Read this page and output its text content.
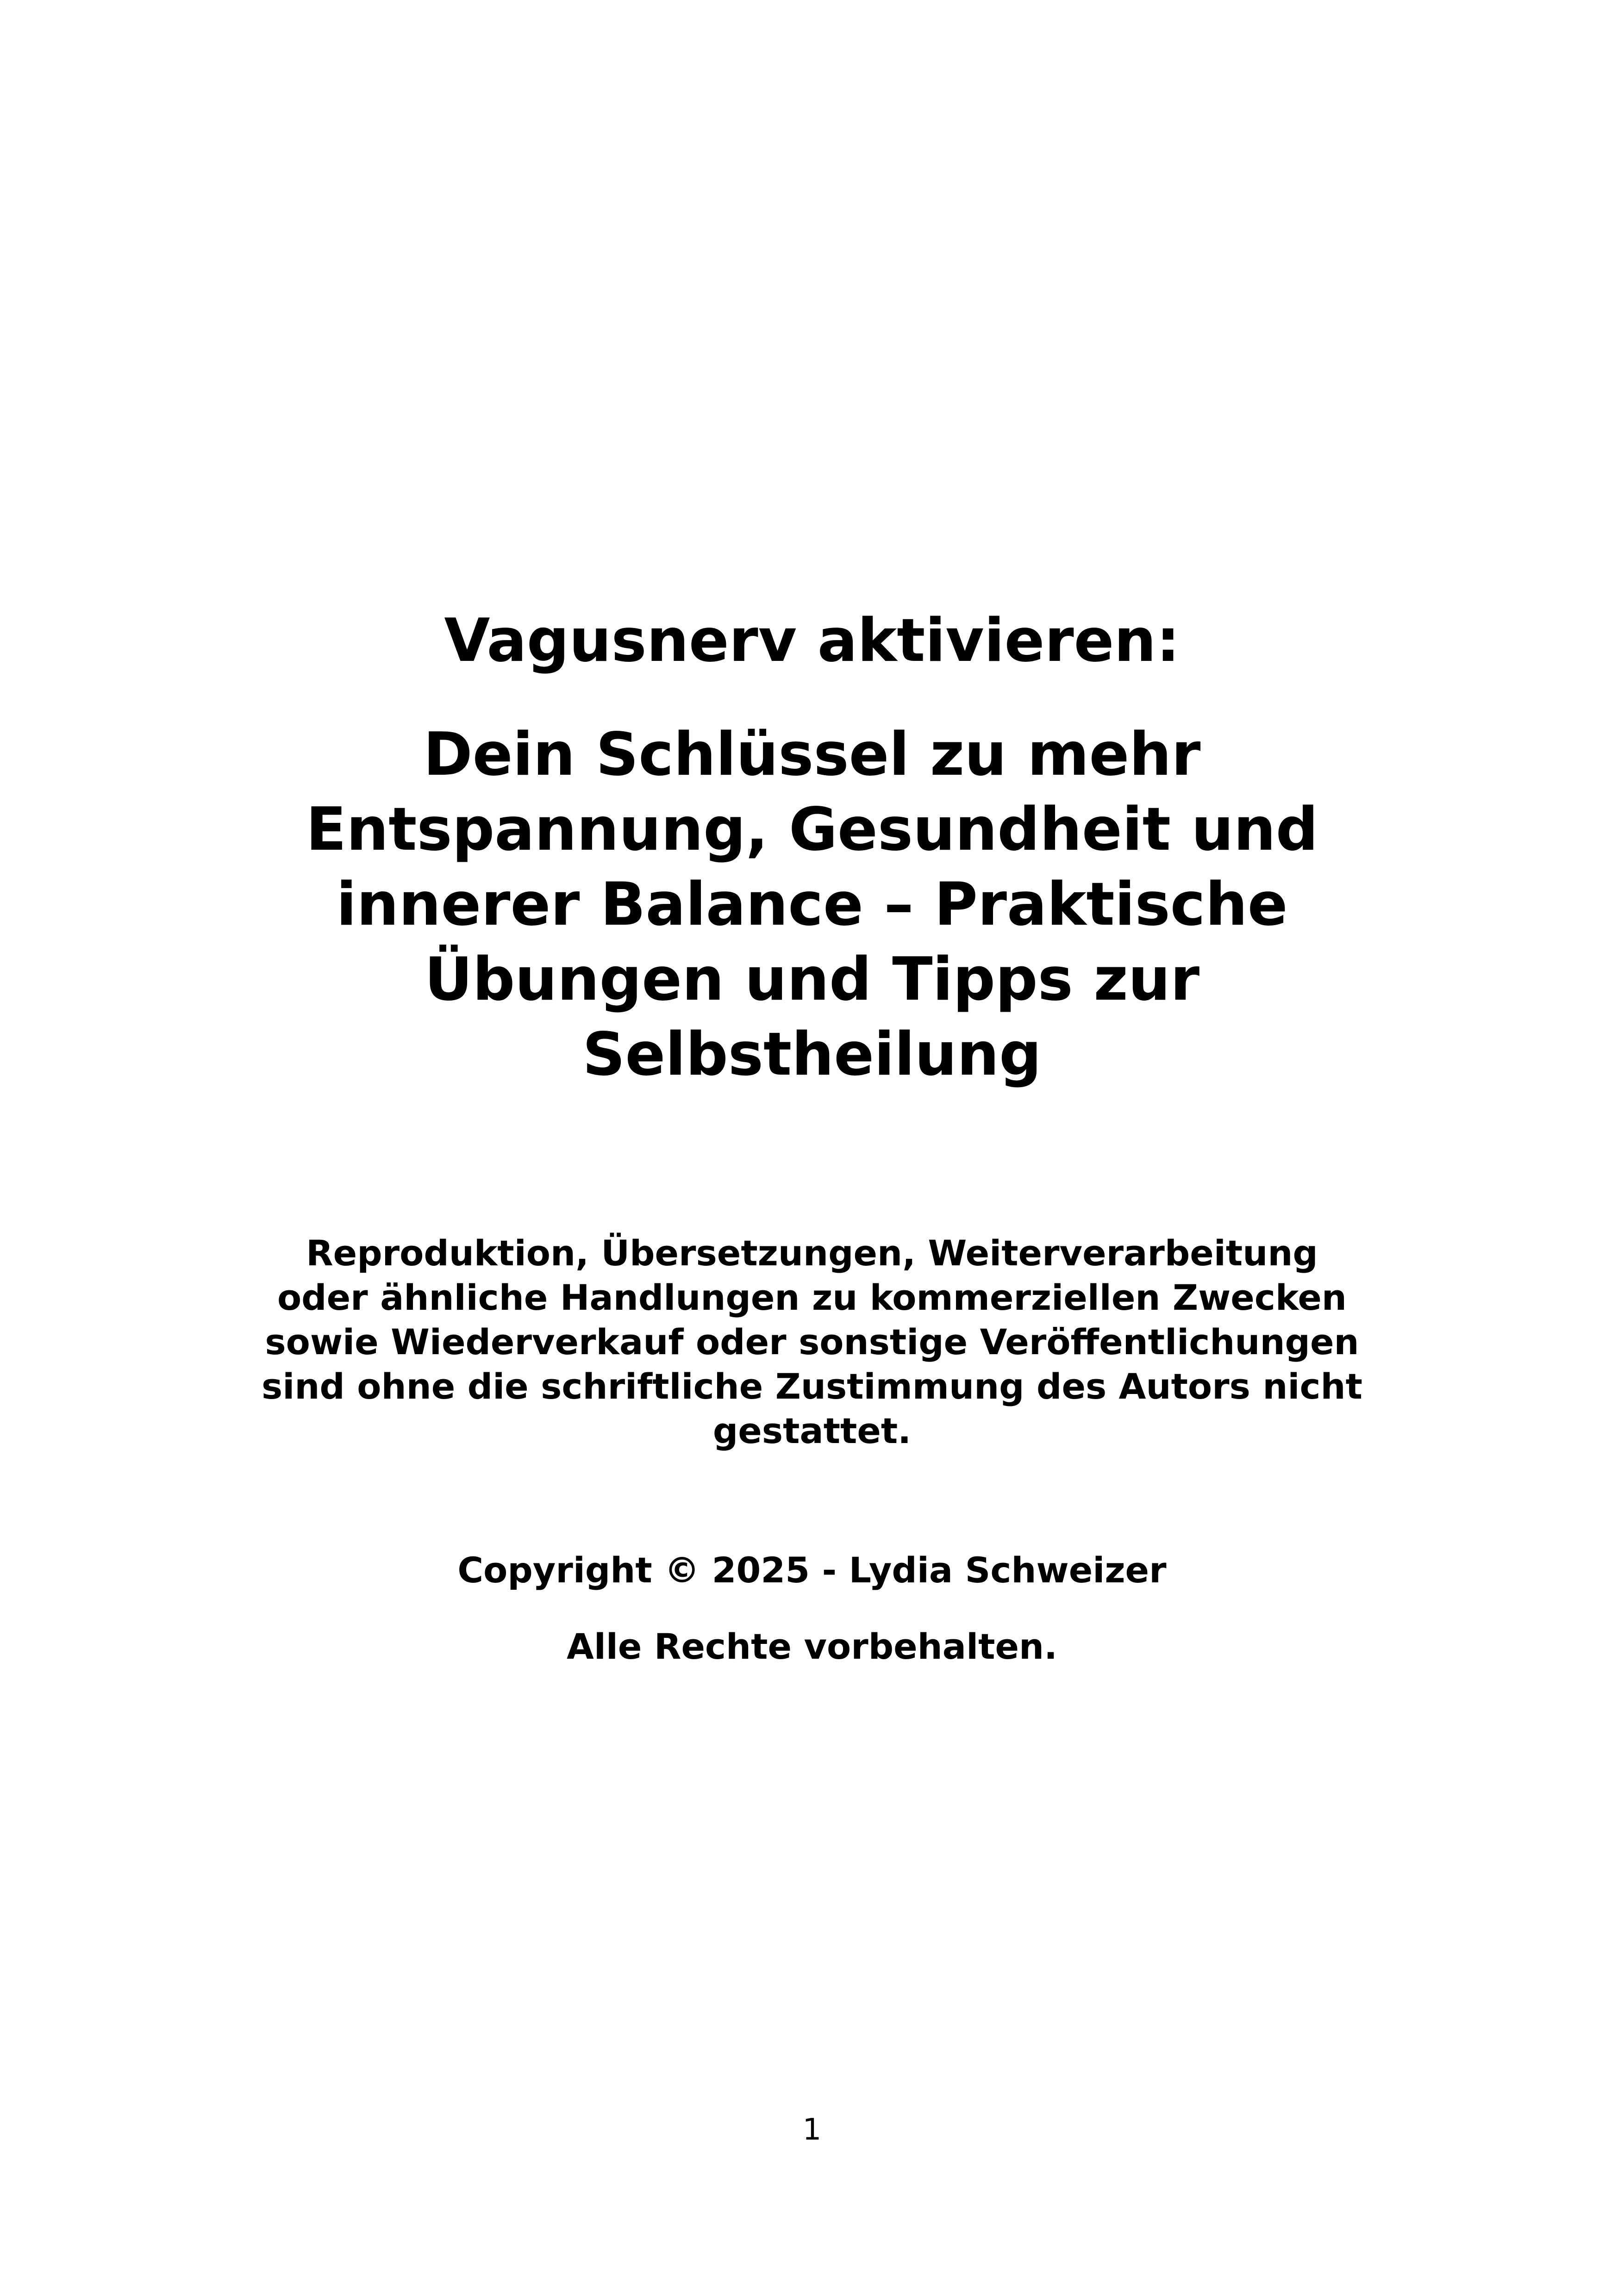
Vagusnerv aktivieren:
Dein Schlüssel zu mehr Entspannung, Gesundheit und innerer Balance – Praktische Übungen und Tipps zur Selbstheilung

Reproduktion, Übersetzungen, Weiterverarbeitung oder ähnliche Handlungen zu kommerziellen Zwecken sowie Wiederverkauf oder sonstige Veröffentlichungen sind ohne die schriftliche Zustimmung des Autors nicht gestattet.

Copyright © 2025 - Lydia Schweizer

Alle Rechte vorbehalten.

1
